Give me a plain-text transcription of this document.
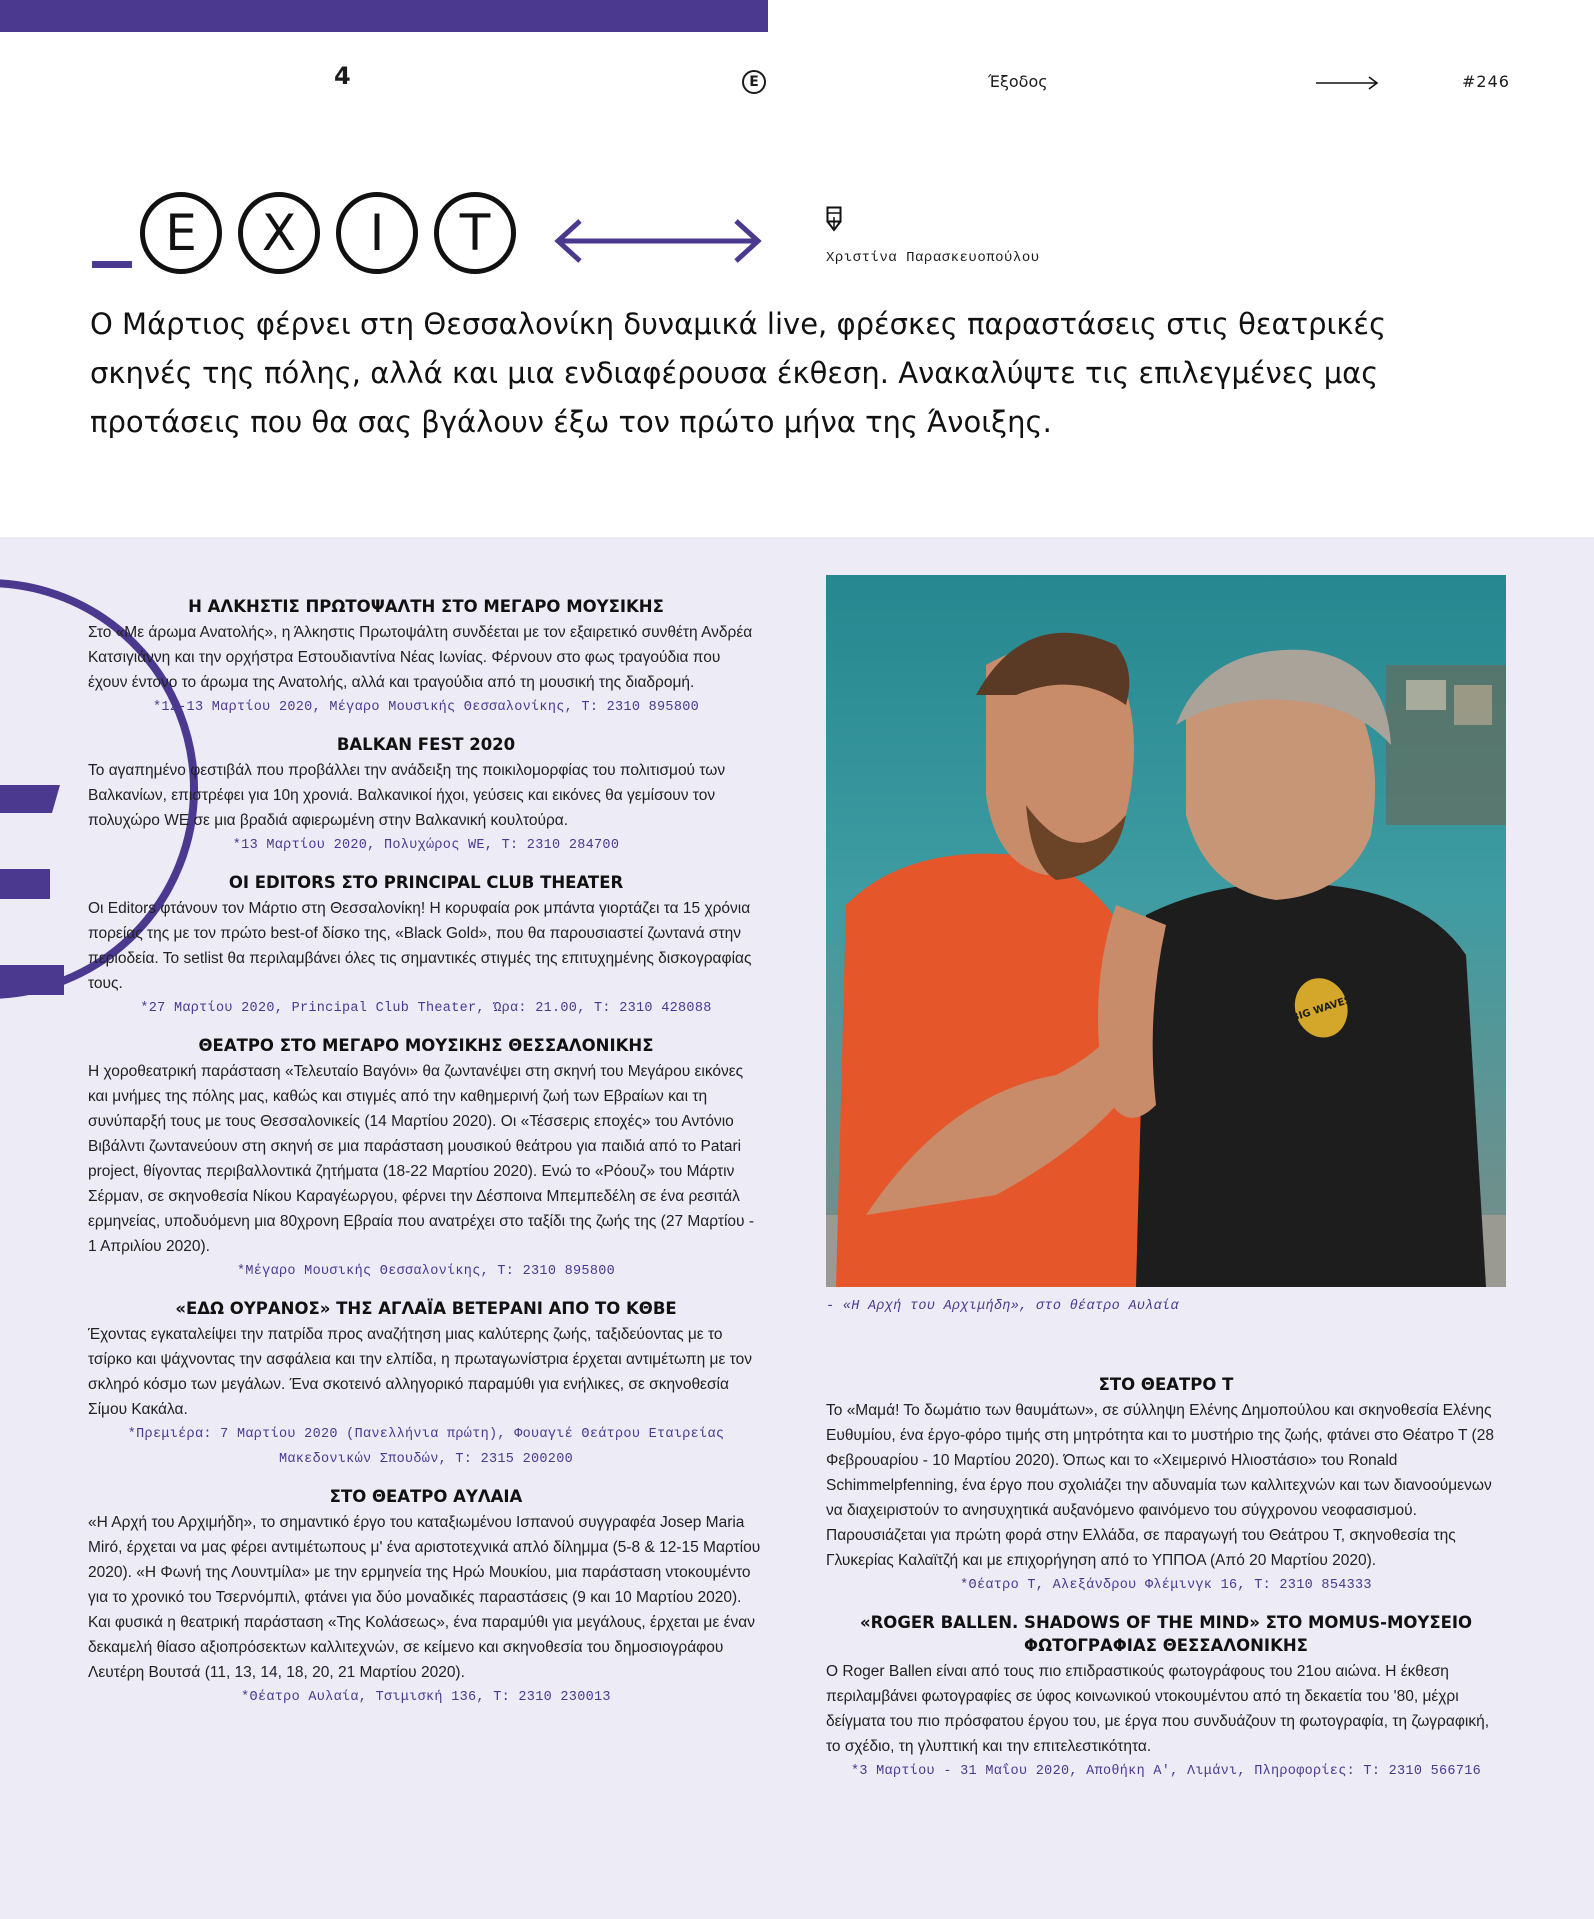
4	E	Έξοδος	#246
E	X	I	T	Χριστίνα Παρασκευοπούλου
Ο Μάρτιος φέρνει στη Θεσσαλονίκη δυναμικά live, φρέσκες παραστάσεις στις θεατρικές σκηνές της πόλης, αλλά και μια ενδιαφέρουσα έκθεση. Ανακαλύψτε τις επιλεγμένες μας προτάσεις που θα σας βγάλουν έξω τον πρώτο μήνα της Άνοιξης.
Η ΑΛΚΗΣΤΙΣ ΠΡΩΤΟΨΑΛΤΗ ΣΤΟ ΜΕΓΑΡΟ ΜΟΥΣΙΚΗΣ

Στο «Με άρωμα Ανατολής», η Άλκηστις Πρωτοψάλτη συνδέεται με τον εξαιρετικό συνθέτη Ανδρέα Κατσιγιάννη και την ορχήστρα Εστουδιαντίνα Νέας Ιωνίας. Φέρνουν στο φως τραγούδια που έχουν έντονο το άρωμα της Ανατολής, αλλά και τραγούδια από τη μουσική της διαδρομή.

*12-13 Μαρτίου 2020, Μέγαρο Μουσικής Θεσσαλονίκης, Τ: 2310 895800
BALKAN FEST 2020

Το αγαπημένο φεστιβάλ που προβάλλει την ανάδειξη της ποικιλομορφίας του πολιτισμού των Βαλκανίων, επιστρέφει για 10η χρονιά. Βαλκανικοί ήχοι, γεύσεις και εικόνες θα γεμίσουν τον πολυχώρο WE σε μια βραδιά αφιερωμένη στην Βαλκανική κουλτούρα.

*13 Μαρτίου 2020, Πολυχώρος WE, Τ: 2310 284700
OI EDITORS ΣΤΟ PRINCIPAL CLUB THEATER

Οι Editors φτάνουν τον Μάρτιο στη Θεσσαλονίκη! Η κορυφαία ροκ μπάντα γιορτάζει τα 15 χρόνια πορείας της με τον πρώτο best-of δίσκο της, «Black Gold», που θα παρουσιαστεί ζωντανά στην περιοδεία. Το setlist θα περιλαμβάνει όλες τις σημαντικές στιγμές της επιτυχημένης δισκογραφίας τους.

*27 Μαρτίου 2020, Principal Club Theater, Ώρα: 21.00, Τ: 2310 428088
ΘΕΑΤΡΟ ΣΤΟ ΜΕΓΑΡΟ ΜΟΥΣΙΚΗΣ ΘΕΣΣΑΛΟΝΙΚΗΣ

Η χοροθεατρική παράσταση «Τελευταίο Βαγόνι» θα ζωντανέψει στη σκηνή του Μεγάρου εικόνες και μνήμες της πόλης μας, καθώς και στιγμές από την καθημερινή ζωή των Εβραίων και τη συνύπαρξή τους με τους Θεσσαλονικείς (14 Μαρτίου 2020). Οι «Τέσσερις εποχές» του Αντόνιο Βιβάλντι ζωντανεύουν στη σκηνή σε μια παράσταση μουσικού θεάτρου για παιδιά από το Patari project, θίγοντας περιβαλλοντικά ζητήματα (18-22 Μαρτίου 2020). Ενώ το «Ρόουζ» του Μάρτιν Σέρμαν, σε σκηνοθεσία Νίκου Καραγέωργου, φέρνει την Δέσποινα Μπεμπεδέλη σε ένα ρεσιτάλ ερμηνείας, υποδυόμενη μια 80χρονη Εβραία που ανατρέχει στο ταξίδι της ζωής της (27 Μαρτίου - 1 Απριλίου 2020).

*Μέγαρο Μουσικής Θεσσαλονίκης, Τ: 2310 895800
«ΕΔΩ ΟΥΡΑΝΟΣ» ΤΗΣ ΑΓΛΑΪΑ ΒΕΤΕΡΑΝΙ ΑΠΟ ΤΟ ΚΘΒΕ

Έχοντας εγκαταλείψει την πατρίδα προς αναζήτηση μιας καλύτερης ζωής, ταξιδεύοντας με το τσίρκο και ψάχνοντας την ασφάλεια και την ελπίδα, η πρωταγωνίστρια έρχεται αντιμέτωπη με τον σκληρό κόσμο των μεγάλων. Ένα σκοτεινό αλληγορικό παραμύθι για ενήλικες, σε σκηνοθεσία Σίμου Κακάλα.

*Πρεμιέρα: 7 Μαρτίου 2020 (Πανελλήνια πρώτη), Φουαγιέ Θεάτρου Εταιρείας Μακεδονικών Σπουδών, Τ: 2315 200200
ΣΤΟ ΘΕΑΤΡΟ ΑΥΛΑΙΑ

«Η Αρχή του Αρχιμήδη», το σημαντικό έργο του καταξιωμένου Ισπανού συγγραφέα Josep Maria Miró, έρχεται να μας φέρει αντιμέτωπους μ' ένα αριστοτεχνικά απλό δίλημμα (5-8 & 12-15 Μαρτίου 2020). «Η Φωνή της Λουντμίλα» με την ερμηνεία της Ηρώ Μουκίου, μια παράσταση ντοκουμέντο για το χρονικό του Τσερνόμπιλ, φτάνει για δύο μοναδικές παραστάσεις (9 και 10 Μαρτίου 2020). Και φυσικά η θεατρική παράσταση «Της Κολάσεως», ένα παραμύθι για μεγάλους, έρχεται με έναν δεκαμελή θίασο αξιοπρόσεκτων καλλιτεχνών, σε κείμενο και σκηνοθεσία του δημοσιογράφου Λευτέρη Βουτσά (11, 13, 14, 18, 20, 21 Μαρτίου 2020).

*Θέατρο Αυλαία, Τσιμισκή 136, Τ: 2310 230013
BIG WAVES
- «Η Αρχή του Αρχιμήδη», στο θέατρο Αυλαία
ΣΤΟ ΘΕΑΤΡΟ Τ

Το «Μαμά! Το δωμάτιο των θαυμάτων», σε σύλληψη Ελένης Δημοπούλου και σκηνοθεσία Ελένης Ευθυμίου, ένα έργο-φόρο τιμής στη μητρότητα και το μυστήριο της ζωής, φτάνει στο Θέατρο Τ (28 Φεβρουαρίου - 10 Μαρτίου 2020). Όπως και το «Χειμερινό Ηλιοστάσιο» του Ronald Schimmelpfenning, ένα έργο που σχολιάζει την αδυναμία των καλλιτεχνών και των διανοούμενων να διαχειριστούν το ανησυχητικά αυξανόμενο φαινόμενο του σύγχρονου νεοφασισμού. Παρουσιάζεται για πρώτη φορά στην Ελλάδα, σε παραγωγή του Θεάτρου Τ, σκηνοθεσία της Γλυκερίας Καλαϊτζή και με επιχορήγηση από το ΥΠΠΟΑ (Από 20 Μαρτίου 2020).

*Θέατρο Τ, Αλεξάνδρου Φλέμινγκ 16, Τ: 2310 854333
«ROGER BALLEN. SHADOWS OF THE MIND» ΣΤΟ MOMUS-ΜΟΥΣΕΙΟ ΦΩΤΟΓΡΑΦΙΑΣ ΘΕΣΣΑΛΟΝΙΚΗΣ

Ο Roger Ballen είναι από τους πιο επιδραστικούς φωτογράφους του 21ου αιώνα. Η έκθεση περιλαμβάνει φωτογραφίες σε ύφος κοινωνικού ντοκουμέντου από τη δεκαετία του '80, μέχρι δείγματα του πιο πρόσφατου έργου του, με έργα που συνδυάζουν τη φωτογραφία, τη ζωγραφική, το σχέδιο, τη γλυπτική και την επιτελεστικότητα.

*3 Μαρτίου - 31 Μαΐου 2020, Αποθήκη Α', Λιμάνι, Πληροφορίες: Τ: 2310 566716
